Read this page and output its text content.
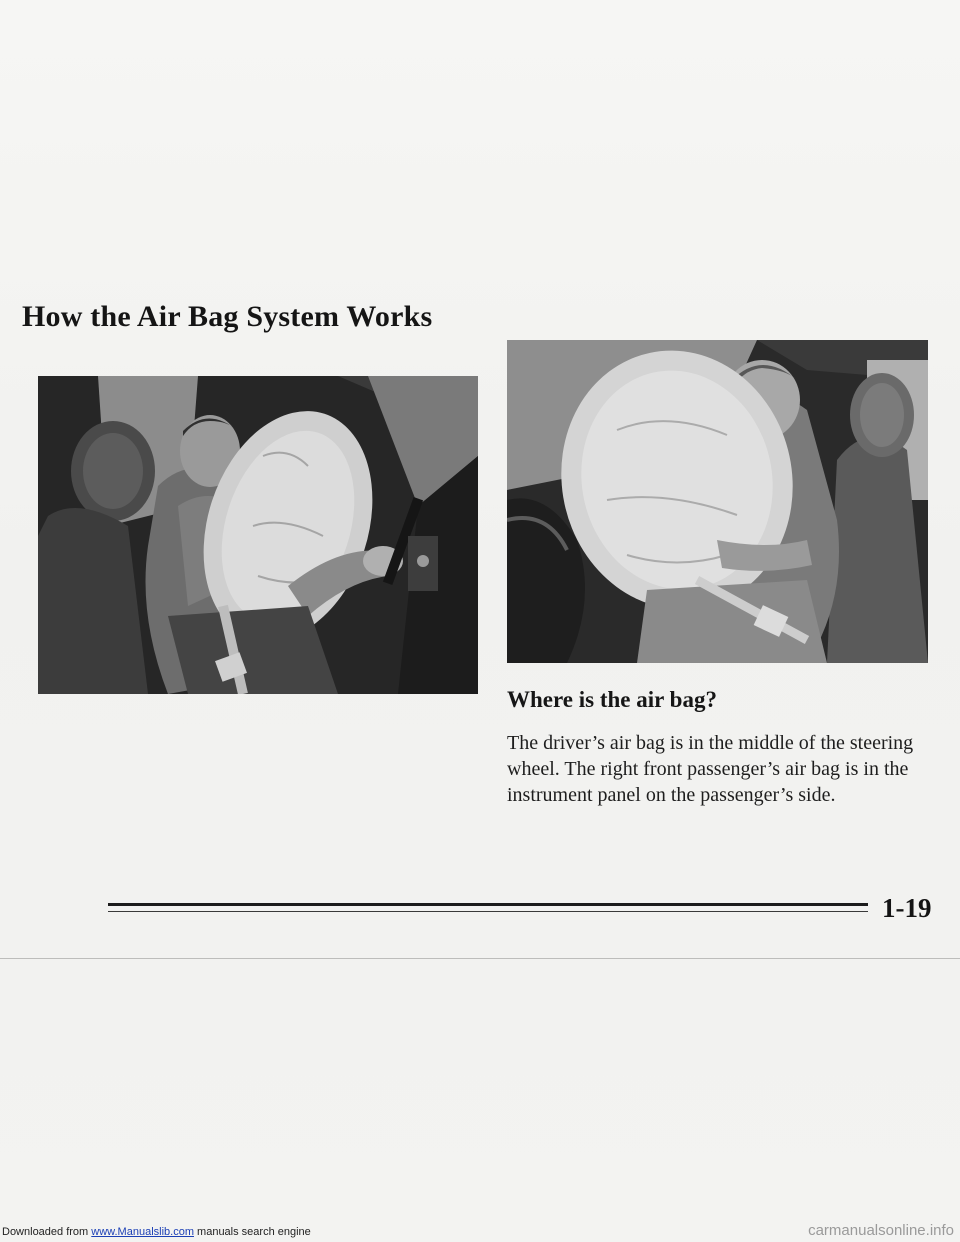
How the Air Bag System Works
Where is the air bag?
The driver’s air bag is in the middle of the steering wheel. The right front passenger’s air bag is in the instrument panel on the passenger’s side.
1-19
Downloaded from www.Manualslib.com manuals search engine	carmanualsonline.info
